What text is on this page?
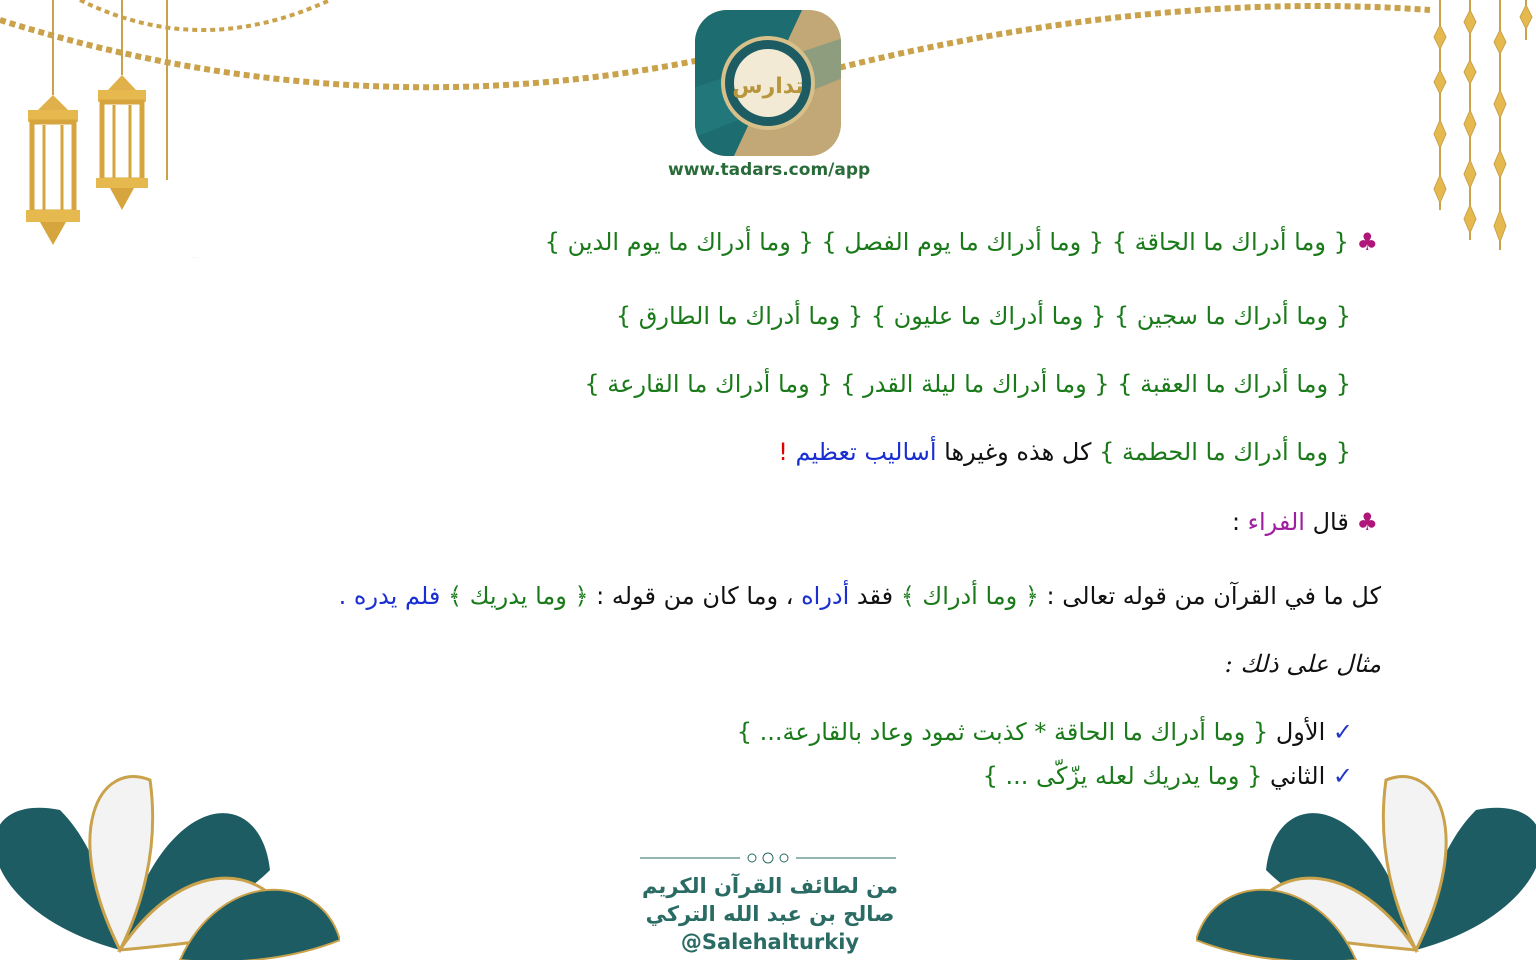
تدارس
www.tadars.com/app
♣ { وما أدراك ما الحاقة } { وما أدراك ما يوم الفصل } { وما أدراك ما يوم الدين }
{ وما أدراك ما سجين } { وما أدراك ما عليون } { وما أدراك ما الطارق }
{ وما أدراك ما العقبة } { وما أدراك ما ليلة القدر } { وما أدراك ما القارعة }
{ وما أدراك ما الحطمة } كل هذه وغيرها أساليب تعظيم !
♣ قال الفراء :
كل ما في القرآن من قوله تعالى : ﴿ وما أدراك ﴾ فقد أدراه ، وما كان من قوله : ﴿ وما يدريك ﴾ فلم يدره .
مثال على ذلك :
✓ الأول { وما أدراك ما الحاقة * كذبت ثمود وعاد بالقارعة... }
✓ الثاني { وما يدريك لعله يزّكّى ... }
من لطائف القرآن الكريم
صالح بن عبد الله التركي
@Salehalturkiy
